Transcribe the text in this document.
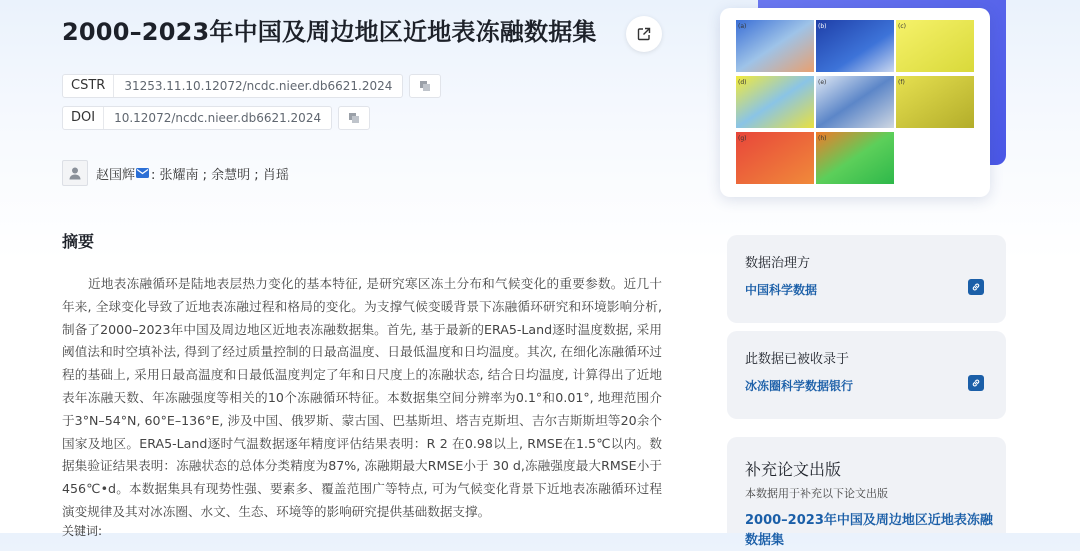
2000–2023年中国及周边地区近地表冻融数据集
CSTR	31253.11.10.12072/ncdc.nieer.db6621.2024
DOI	10.12072/ncdc.nieer.db6621.2024
赵国辉 : 张耀南 ; 余慧明 ; 肖瑶
摘要

近地表冻融循环是陆地表层热力变化的基本特征, 是研究寒区冻土分布和气候变化的重要参数。近几十年来, 全球变化导致了近地表冻融过程和格局的变化。为支撑气候变暖背景下冻融循环研究和环境影响分析, 制备了2000–2023年中国及周边地区近地表冻融数据集。首先, 基于最新的ERA5-Land逐时温度数据, 采用阈值法和时空填补法, 得到了经过质量控制的日最高温度、日最低温度和日均温度。其次, 在细化冻融循环过程的基础上, 采用日最高温度和日最低温度判定了年和日尺度上的冻融状态, 结合日均温度, 计算得出了近地表年冻融天数、年冻融强度等相关的10个冻融循环特征。本数据集空间分辨率为0.1°和0.01°, 地理范围介于3°N–54°N, 60°E–136°E, 涉及中国、俄罗斯、蒙古国、巴基斯坦、塔吉克斯坦、吉尔吉斯斯坦等20余个国家及地区。ERA5-Land逐时气温数据逐年精度评估结果表明：R 2 在0.98以上, RMSE在1.5℃以内。数据集验证结果表明：冻融状态的总体分类精度为87%, 冻融期最大RMSE小于 30 d,冻融强度最大RMSE小于456℃•d。本数据集具有现势性强、要素多、覆盖范围广等特点, 可为气候变化背景下近地表冻融循环过程演变规律及其对冰冻圈、水文、生态、环境等的影响研究提供基础数据支撑。

关键词:
(a)	(b)	(c)
(d)	(e)	(f)
(g)	(h)
数据治理方
中国科学数据
此数据已被收录于
冰冻圈科学数据银行
补充论文出版
本数据用于补充以下论文出版
2000–2023年中国及周边地区近地表冻融数据集
